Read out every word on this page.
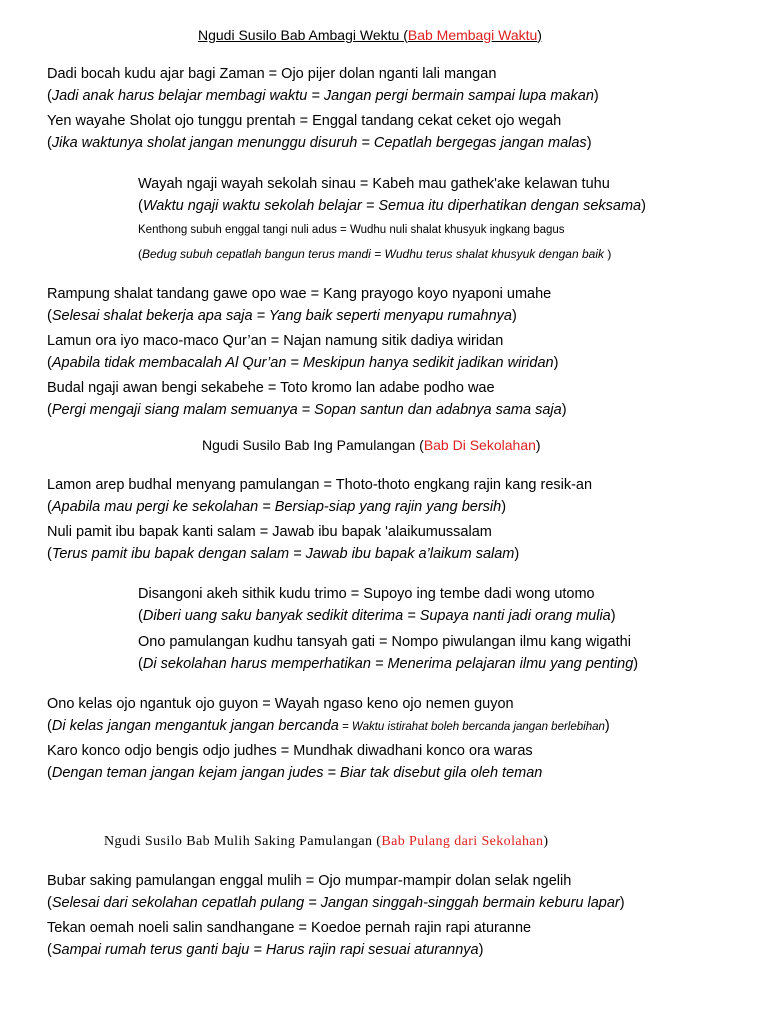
Ngudi Susilo Bab Ambagi Wektu (Bab Membagi Waktu)
Dadi bocah kudu ajar bagi Zaman = Ojo pijer dolan nganti lali mangan
(Jadi anak harus belajar membagi waktu = Jangan pergi bermain sampai lupa makan)
Yen wayahe Sholat ojo tunggu prentah = Enggal tandang cekat ceket ojo wegah
(Jika waktunya sholat jangan menunggu disuruh = Cepatlah bergegas jangan malas)
Wayah ngaji wayah sekolah sinau = Kabeh mau gathek'ake kelawan tuhu
(Waktu ngaji waktu sekolah belajar = Semua itu diperhatikan dengan seksama)
Kenthong subuh enggal tangi nuli adus = Wudhu nuli shalat khusyuk ingkang bagus
(Bedug subuh cepatlah bangun terus mandi = Wudhu terus shalat khusyuk dengan baik )
Rampung shalat tandang gawe opo wae = Kang prayogo koyo nyaponi umahe
(Selesai shalat bekerja apa saja = Yang baik seperti menyapu rumahnya)
Lamun ora iyo maco-maco Qur’an = Najan namung sitik dadiya wiridan
(Apabila tidak membacalah Al Qur’an = Meskipun hanya sedikit jadikan wiridan)
Budal ngaji awan bengi sekabehe = Toto kromo lan adabe podho wae
(Pergi mengaji siang malam semuanya = Sopan santun dan adabnya sama saja)
Ngudi Susilo Bab Ing Pamulangan (Bab Di Sekolahan)
Lamon arep budhal menyang pamulangan = Thoto-thoto engkang rajin kang resik-an
(Apabila mau pergi ke sekolahan = Bersiap-siap yang rajin yang bersih)
Nuli pamit ibu bapak kanti salam = Jawab ibu bapak 'alaikumussalam
(Terus pamit ibu bapak dengan salam = Jawab ibu bapak a’laikum salam)
Disangoni akeh sithik kudu trimo = Supoyo ing tembe dadi wong utomo
(Diberi uang saku banyak sedikit diterima = Supaya nanti jadi orang mulia)
Ono pamulangan kudhu tansyah gati = Nompo piwulangan ilmu kang wigathi
(Di sekolahan harus memperhatikan = Menerima pelajaran ilmu yang penting)
Ono kelas ojo ngantuk ojo guyon = Wayah ngaso keno ojo nemen guyon
(Di kelas jangan mengantuk jangan bercanda = Waktu istirahat boleh bercanda jangan berlebihan)
Karo konco odjo bengis odjo judhes = Mundhak diwadhani konco ora waras
(Dengan teman jangan kejam jangan judes = Biar tak disebut gila oleh teman
Ngudi Susilo Bab Mulih Saking Pamulangan (Bab Pulang dari Sekolahan)
Bubar saking pamulangan enggal mulih = Ojo mumpar-mampir dolan selak ngelih
(Selesai dari sekolahan cepatlah pulang = Jangan singgah-singgah bermain keburu lapar)
Tekan oemah noeli salin sandhangane = Koedoe pernah rajin rapi aturanne
(Sampai rumah terus ganti baju = Harus rajin rapi sesuai aturannya)
